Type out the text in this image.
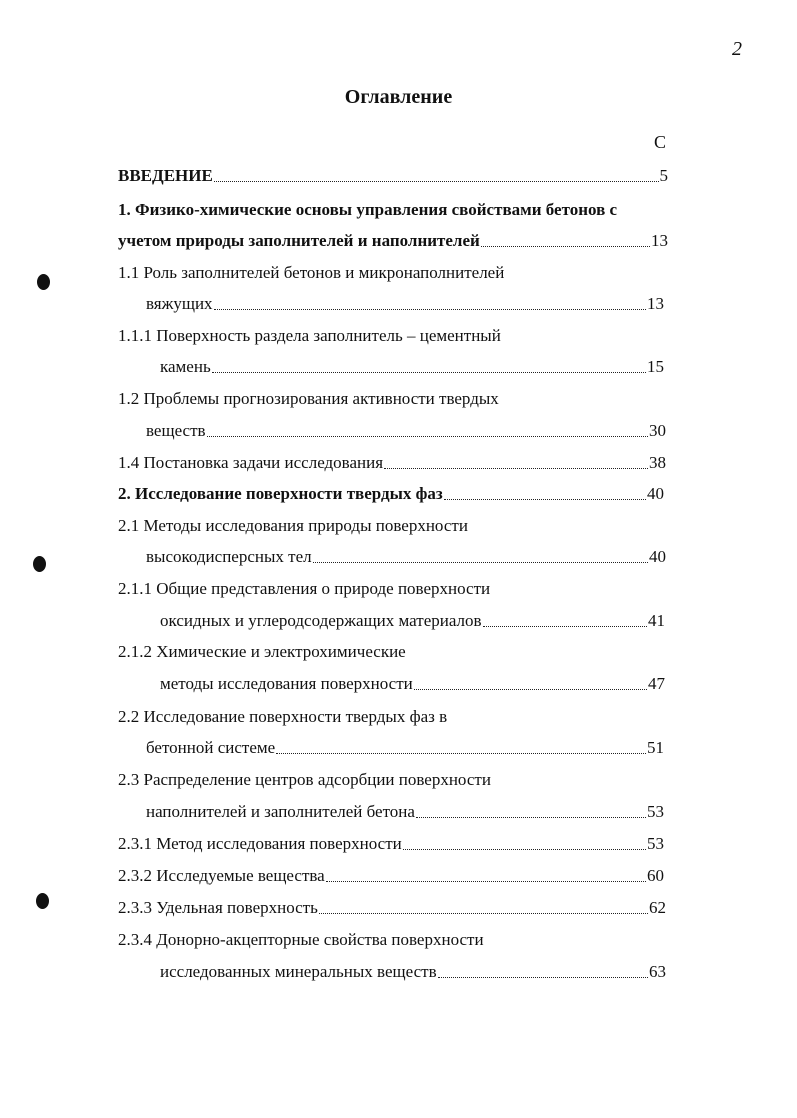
2
Оглавление
С
ВВЕДЕНИЕ	5
1. Физико-химические основы управления свойствами бетонов с
учетом природы заполнителей и наполнителей	13
1.1 Роль заполнителей бетонов и микронаполнителей
вяжущих	13
1.1.1 Поверхность раздела заполнитель – цементный
камень	15
1.2 Проблемы прогнозирования активности твердых
веществ	30
1.4 Постановка задачи исследования	38
2. Исследование поверхности твердых фаз	40
2.1 Методы исследования природы поверхности
высокодисперсных тел	40
2.1.1 Общие представления о природе поверхности
оксидных и углеродсодержащих материалов	41
2.1.2 Химические и электрохимические
методы исследования поверхности	47
2.2 Исследование поверхности твердых фаз в
бетонной системе	51
2.3 Распределение центров адсорбции поверхности
наполнителей и заполнителей бетона	53
2.3.1 Метод исследования поверхности	53
2.3.2 Исследуемые вещества	60
2.3.3 Удельная поверхность	62
2.3.4 Донорно-акцепторные свойства поверхности
исследованных минеральных веществ	63
